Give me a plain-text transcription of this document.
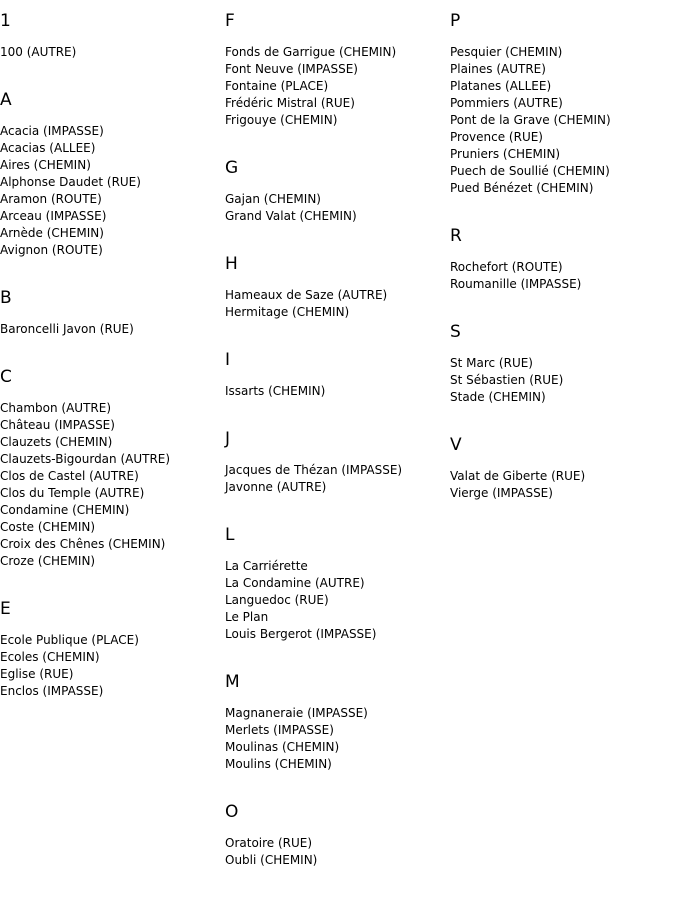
1
100 (AUTRE)
A
Acacia (IMPASSE)
Acacias (ALLEE)
Aires (CHEMIN)
Alphonse Daudet (RUE)
Aramon (ROUTE)
Arceau (IMPASSE)
Arnède (CHEMIN)
Avignon (ROUTE)
B
Baroncelli Javon (RUE)
C
Chambon (AUTRE)
Château (IMPASSE)
Clauzets (CHEMIN)
Clauzets-Bigourdan (AUTRE)
Clos de Castel (AUTRE)
Clos du Temple (AUTRE)
Condamine (CHEMIN)
Coste (CHEMIN)
Croix des Chênes (CHEMIN)
Croze (CHEMIN)
E
Ecole Publique (PLACE)
Ecoles (CHEMIN)
Eglise (RUE)
Enclos (IMPASSE)
F
Fonds de Garrigue (CHEMIN)
Font Neuve (IMPASSE)
Fontaine (PLACE)
Frédéric Mistral (RUE)
Frigouye (CHEMIN)
G
Gajan (CHEMIN)
Grand Valat (CHEMIN)
H
Hameaux de Saze (AUTRE)
Hermitage (CHEMIN)
I
Issarts (CHEMIN)
J
Jacques de Thézan (IMPASSE)
Javonne (AUTRE)
L
La Carriérette
La Condamine (AUTRE)
Languedoc (RUE)
Le Plan
Louis Bergerot (IMPASSE)
M
Magnaneraie (IMPASSE)
Merlets (IMPASSE)
Moulinas (CHEMIN)
Moulins (CHEMIN)
O
Oratoire (RUE)
Oubli (CHEMIN)
P
Pesquier (CHEMIN)
Plaines (AUTRE)
Platanes (ALLEE)
Pommiers (AUTRE)
Pont de la Grave (CHEMIN)
Provence (RUE)
Pruniers (CHEMIN)
Puech de Soullié (CHEMIN)
Pued Bénézet (CHEMIN)
R
Rochefort (ROUTE)
Roumanille (IMPASSE)
S
St Marc (RUE)
St Sébastien (RUE)
Stade (CHEMIN)
V
Valat de Giberte (RUE)
Vierge (IMPASSE)
